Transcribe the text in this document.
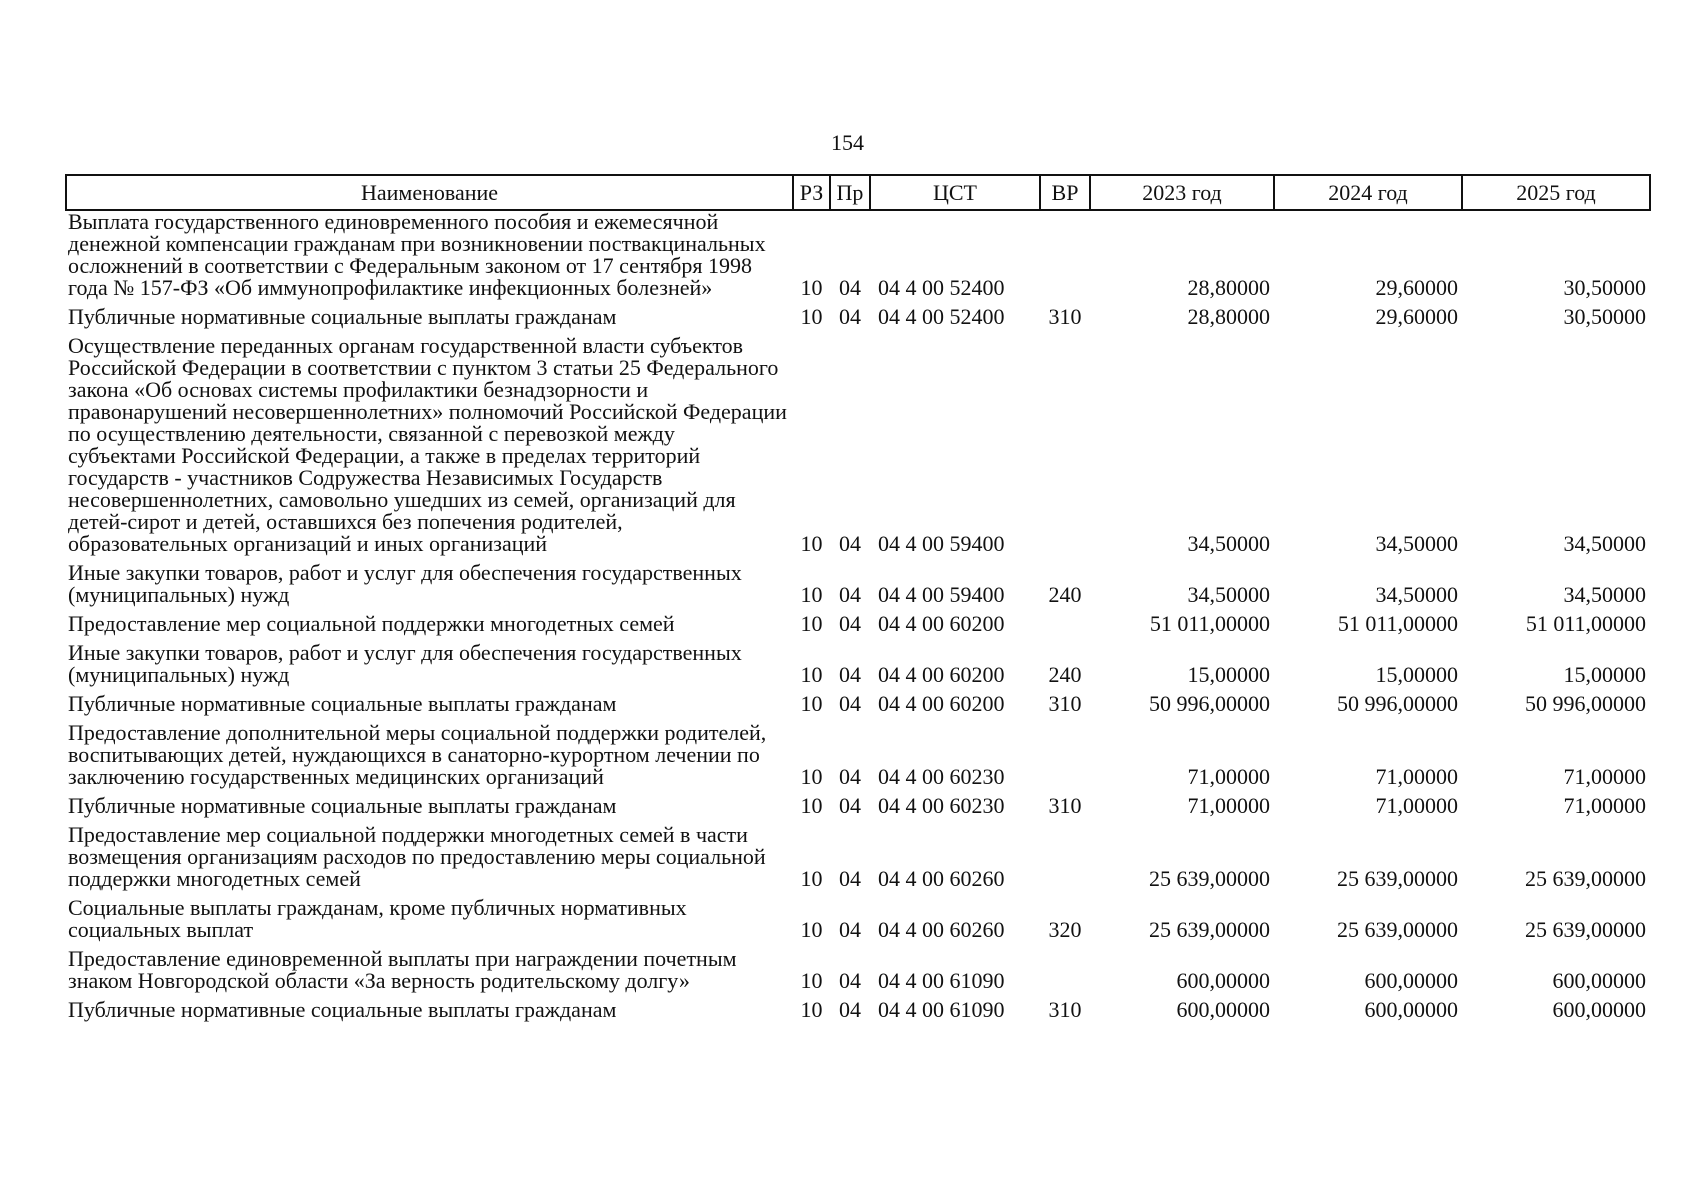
154
Наименование	РЗ	Пр	ЦСТ	ВР	2023 год	2024 год	2025 год
Выплата государственного единовременного пособия и ежемесячной денежной компенсации гражданам при возникновении поствакцинальных осложнений в соответствии с Федеральным законом от 17 сентября 1998 года № 157-ФЗ «Об иммунопрофилактике инфекционных болезней»	10	04	04 4 00 52400		28,80000	29,60000	30,50000
Публичные нормативные социальные выплаты гражданам	10	04	04 4 00 52400	310	28,80000	29,60000	30,50000
Осуществление переданных органам государственной власти субъектов Российской Федерации в соответствии с пунктом 3 статьи 25 Федерального закона «Об основах системы профилактики безнадзорности и правонарушений несовершеннолетних» полномочий Российской Федерации по осуществлению деятельности, связанной с перевозкой между субъектами Российской Федерации, а также в пределах территорий государств - участников Содружества Независимых Государств несовершеннолетних, самовольно ушедших из семей, организаций для детей-сирот и детей, оставшихся без попечения родителей, образовательных организаций и иных организаций	10	04	04 4 00 59400		34,50000	34,50000	34,50000
Иные закупки товаров, работ и услуг для обеспечения государственных (муниципальных) нужд	10	04	04 4 00 59400	240	34,50000	34,50000	34,50000
Предоставление мер социальной поддержки многодетных семей	10	04	04 4 00 60200		51 011,00000	51 011,00000	51 011,00000
Иные закупки товаров, работ и услуг для обеспечения государственных (муниципальных) нужд	10	04	04 4 00 60200	240	15,00000	15,00000	15,00000
Публичные нормативные социальные выплаты гражданам	10	04	04 4 00 60200	310	50 996,00000	50 996,00000	50 996,00000
Предоставление дополнительной меры социальной поддержки родителей, воспитывающих детей, нуждающихся в санаторно-курортном лечении по заключению государственных медицинских организаций	10	04	04 4 00 60230		71,00000	71,00000	71,00000
Публичные нормативные социальные выплаты гражданам	10	04	04 4 00 60230	310	71,00000	71,00000	71,00000
Предоставление мер социальной поддержки многодетных семей в части возмещения организациям расходов по предоставлению меры социальной поддержки многодетных семей	10	04	04 4 00 60260		25 639,00000	25 639,00000	25 639,00000
Социальные выплаты гражданам, кроме публичных нормативных социальных выплат	10	04	04 4 00 60260	320	25 639,00000	25 639,00000	25 639,00000
Предоставление единовременной выплаты при награждении почетным знаком Новгородской области «За верность родительскому долгу»	10	04	04 4 00 61090		600,00000	600,00000	600,00000
Публичные нормативные социальные выплаты гражданам	10	04	04 4 00 61090	310	600,00000	600,00000	600,00000
